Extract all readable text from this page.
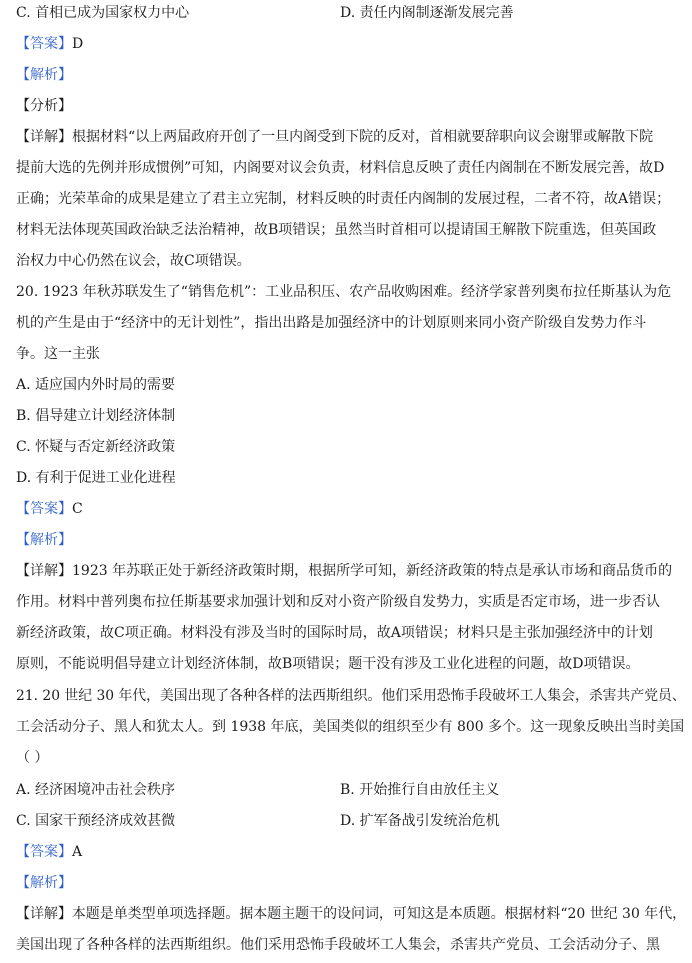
C. 首相已成为国家权力中心	D. 责任内阁制逐渐发展完善
【答案】D
【解析】
【分析】
【详解】根据材料“以上两届政府开创了一旦内阁受到下院的反对，首相就要辞职向议会谢罪或解散下院
提前大选的先例并形成惯例”可知，内阁要对议会负责，材料信息反映了责任内阁制在不断发展完善，故D
正确；光荣革命的成果是建立了君主立宪制，材料反映的时责任内阁制的发展过程，二者不符，故A错误；
材料无法体现英国政治缺乏法治精神，故B项错误；虽然当时首相可以提请国王解散下院重选，但英国政
治权力中心仍然在议会，故C项错误。
20. 1923 年秋苏联发生了“销售危机”：工业品积压、农产品收购困难。经济学家普列奥布拉任斯基认为危
机的产生是由于“经济中的无计划性”，指出出路是加强经济中的计划原则来同小资产阶级自发势力作斗
争。这一主张
A. 适应国内外时局的需要
B. 倡导建立计划经济体制
C. 怀疑与否定新经济政策
D. 有利于促进工业化进程
【答案】C
【解析】
【详解】1923 年苏联正处于新经济政策时期，根据所学可知，新经济政策的特点是承认市场和商品货币的
作用。材料中普列奥布拉任斯基要求加强计划和反对小资产阶级自发势力，实质是否定市场，进一步否认
新经济政策，故C项正确。材料没有涉及当时的国际时局，故A项错误；材料只是主张加强经济中的计划
原则，不能说明倡导建立计划经济体制，故B项错误；题干没有涉及工业化进程的问题，故D项错误。
21. 20 世纪 30 年代，美国出现了各种各样的法西斯组织。他们采用恐怖手段破坏工人集会，杀害共产党员、
工会活动分子、黑人和犹太人。到 1938 年底，美国类似的组织至少有 800 多个。这一现象反映出当时美国
（ ）
A. 经济困境冲击社会秩序	B. 开始推行自由放任主义
C. 国家干预经济成效甚微	D. 扩军备战引发统治危机
【答案】A
【解析】
【详解】本题是单类型单项选择题。据本题主题干的设问词，可知这是本质题。根据材料“20 世纪 30 年代，
美国出现了各种各样的法西斯组织。他们采用恐怖手段破坏工人集会，杀害共产党员、工会活动分子、黑
